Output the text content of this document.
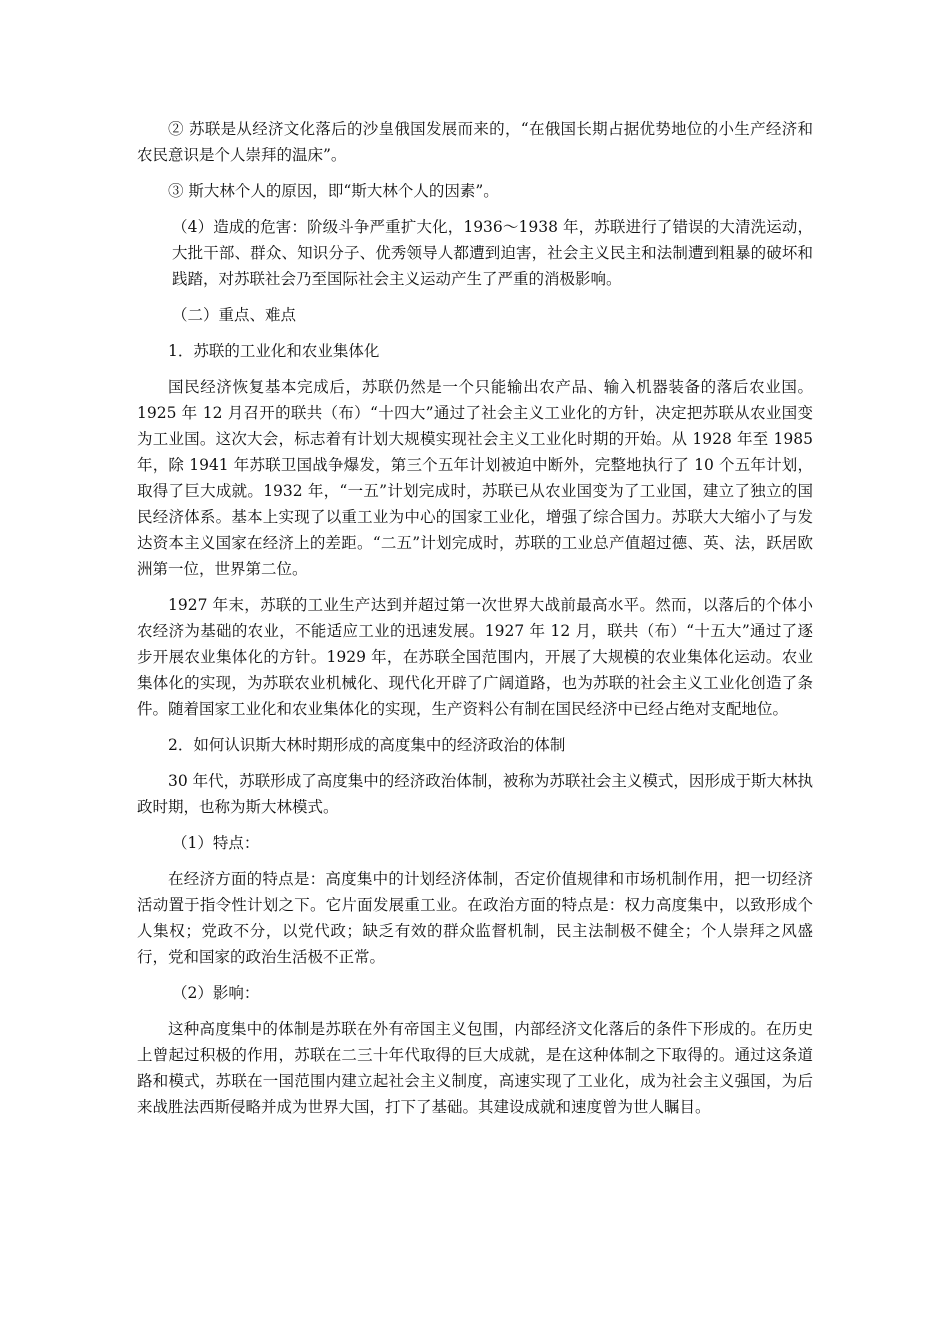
② 苏联是从经济文化落后的沙皇俄国发展而来的，“在俄国长期占据优势地位的小生产经济和农民意识是个人崇拜的温床”。

③ 斯大林个人的原因，即“斯大林个人的因素”。

（4）造成的危害：阶级斗争严重扩大化，1936～1938 年，苏联进行了错误的大清洗运动，大批干部、群众、知识分子、优秀领导人都遭到迫害，社会主义民主和法制遭到粗暴的破坏和践踏，对苏联社会乃至国际社会主义运动产生了严重的消极影响。

（二）重点、难点

1．苏联的工业化和农业集体化

国民经济恢复基本完成后，苏联仍然是一个只能输出农产品、输入机器装备的落后农业国。1925 年 12 月召开的联共（布）“十四大”通过了社会主义工业化的方针，决定把苏联从农业国变为工业国。这次大会，标志着有计划大规模实现社会主义工业化时期的开始。从 1928 年至 1985 年，除 1941 年苏联卫国战争爆发，第三个五年计划被迫中断外，完整地执行了 10 个五年计划，取得了巨大成就。1932 年，“一五”计划完成时，苏联已从农业国变为了工业国，建立了独立的国民经济体系。基本上实现了以重工业为中心的国家工业化，增强了综合国力。苏联大大缩小了与发达资本主义国家在经济上的差距。“二五”计划完成时，苏联的工业总产值超过德、英、法，跃居欧洲第一位，世界第二位。

1927 年末，苏联的工业生产达到并超过第一次世界大战前最高水平。然而，以落后的个体小农经济为基础的农业，不能适应工业的迅速发展。1927 年 12 月，联共（布）“十五大”通过了逐步开展农业集体化的方针。1929 年，在苏联全国范围内，开展了大规模的农业集体化运动。农业集体化的实现，为苏联农业机械化、现代化开辟了广阔道路，也为苏联的社会主义工业化创造了条件。随着国家工业化和农业集体化的实现，生产资料公有制在国民经济中已经占绝对支配地位。

2．如何认识斯大林时期形成的高度集中的经济政治的体制

30 年代，苏联形成了高度集中的经济政治体制，被称为苏联社会主义模式，因形成于斯大林执政时期，也称为斯大林模式。

（1）特点：

在经济方面的特点是：高度集中的计划经济体制，否定价值规律和市场机制作用，把一切经济活动置于指令性计划之下。它片面发展重工业。在政治方面的特点是：权力高度集中，以致形成个人集权；党政不分，以党代政；缺乏有效的群众监督机制，民主法制极不健全；个人崇拜之风盛行，党和国家的政治生活极不正常。

（2）影响：

这种高度集中的体制是苏联在外有帝国主义包围，内部经济文化落后的条件下形成的。在历史上曾起过积极的作用，苏联在二三十年代取得的巨大成就，是在这种体制之下取得的。通过这条道路和模式，苏联在一国范围内建立起社会主义制度，高速实现了工业化，成为社会主义强国，为后来战胜法西斯侵略并成为世界大国，打下了基础。其建设成就和速度曾为世人瞩目。
